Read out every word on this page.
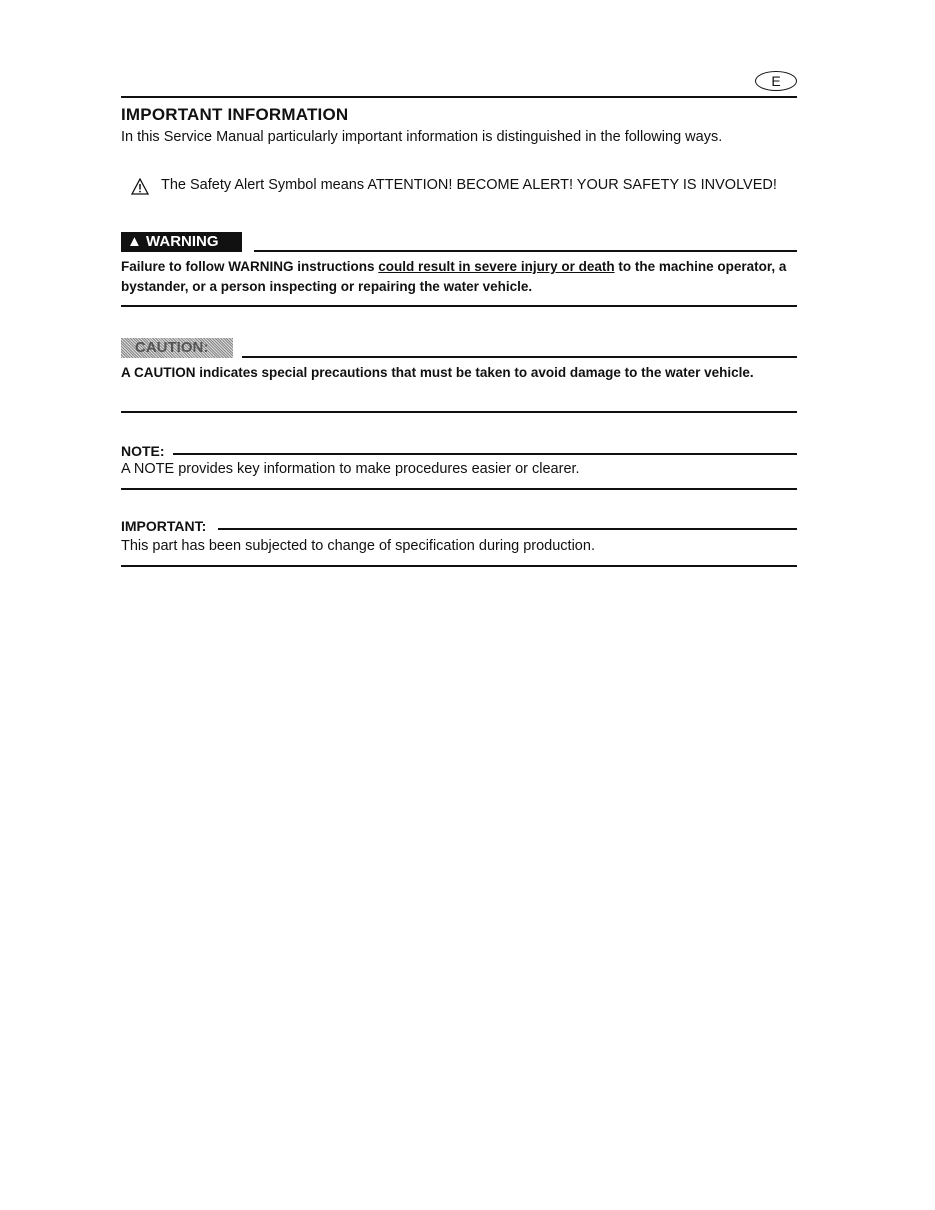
E
IMPORTANT INFORMATION
In this Service Manual particularly important information is distinguished in the following ways.
The Safety Alert Symbol means ATTENTION! BECOME ALERT! YOUR SAFETY IS INVOLVED!
▲ WARNING
Failure to follow WARNING instructions could result in severe injury or death to the machine operator, a bystander, or a person inspecting or repairing the water vehicle.
CAUTION:
A CAUTION indicates special precautions that must be taken to avoid damage to the water vehicle.
NOTE:
A NOTE provides key information to make procedures easier or clearer.
IMPORTANT:
This part has been subjected to change of specification during production.
